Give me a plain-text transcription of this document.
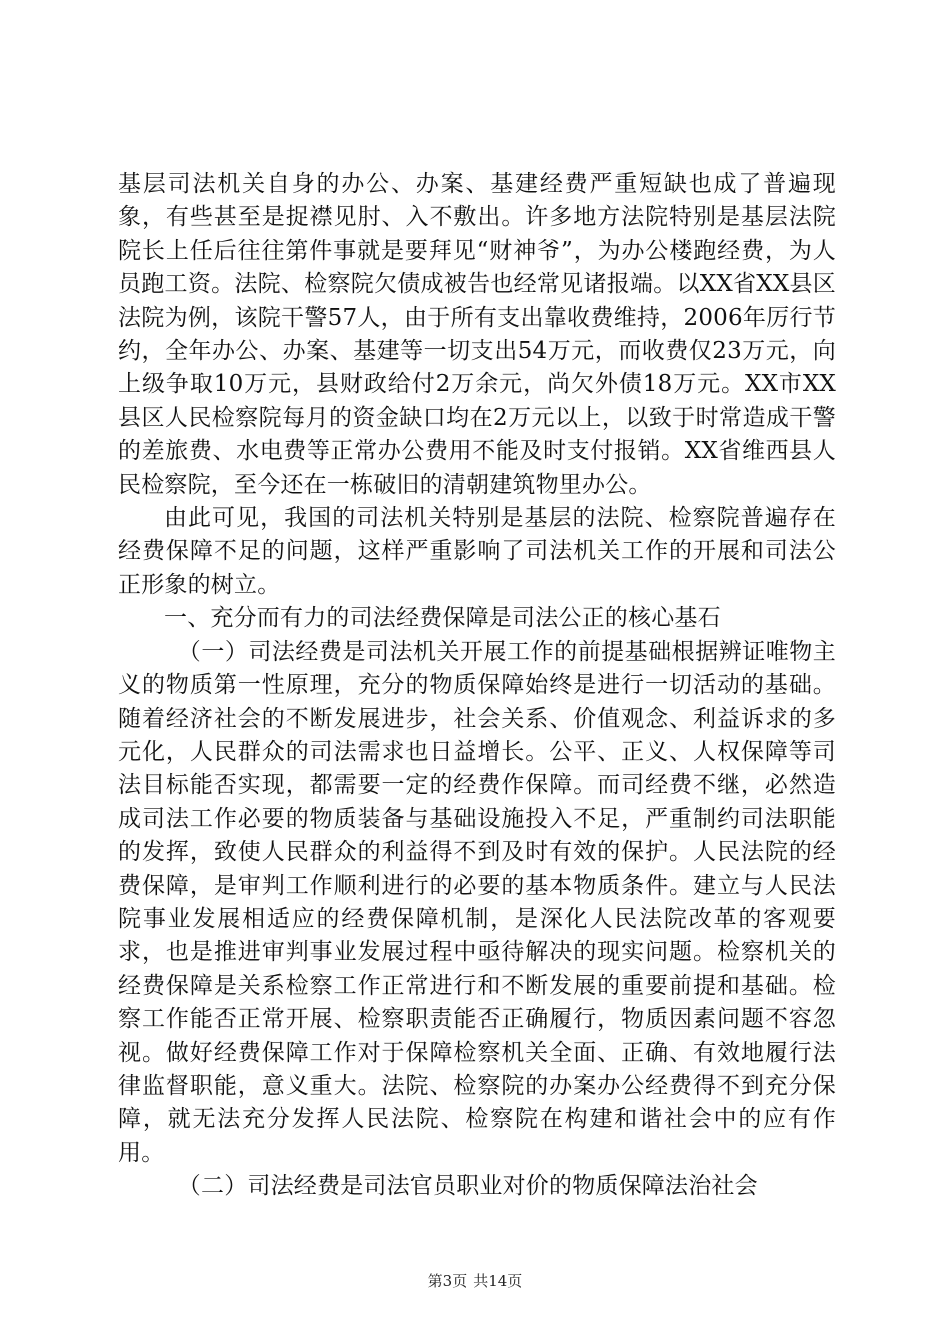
基层司法机关自身的办公、办案、基建经费严重短缺也成了普遍现象，有些甚至是捉襟见肘、入不敷出。许多地方法院特别是基层法院院长上任后往往第件事就是要拜见“财神爷”，为办公楼跑经费，为人员跑工资。法院、检察院欠债成被告也经常见诸报端。以XX省XX县区法院为例，该院干警57人，由于所有支出靠收费维持，2006年厉行节约，全年办公、办案、基建等一切支出54万元，而收费仅23万元，向上级争取10万元，县财政给付2万余元，尚欠外债18万元。XX市XX县区人民检察院每月的资金缺口均在2万元以上，以致于时常造成干警的差旅费、水电费等正常办公费用不能及时支付报销。XX省维西县人民检察院，至今还在一栋破旧的清朝建筑物里办公。

由此可见，我国的司法机关特别是基层的法院、检察院普遍存在经费保障不足的问题，这样严重影响了司法机关工作的开展和司法公正形象的树立。

一、充分而有力的司法经费保障是司法公正的核心基石

（一）司法经费是司法机关开展工作的前提基础根据辨证唯物主义的物质第一性原理，充分的物质保障始终是进行一切活动的基础。随着经济社会的不断发展进步，社会关系、价值观念、利益诉求的多元化，人民群众的司法需求也日益增长。公平、正义、人权保障等司法目标能否实现，都需要一定的经费作保障。而司经费不继，必然造成司法工作必要的物质装备与基础设施投入不足，严重制约司法职能的发挥，致使人民群众的利益得不到及时有效的保护。人民法院的经费保障，是审判工作顺利进行的必要的基本物质条件。建立与人民法院事业发展相适应的经费保障机制，是深化人民法院改革的客观要求，也是推进审判事业发展过程中亟待解决的现实问题。检察机关的经费保障是关系检察工作正常进行和不断发展的重要前提和基础。检察工作能否正常开展、检察职责能否正确履行，物质因素问题不容忽视。做好经费保障工作对于保障检察机关全面、正确、有效地履行法律监督职能，意义重大。法院、检察院的办案办公经费得不到充分保障，就无法充分发挥人民法院、检察院在构建和谐社会中的应有作用。

（二）司法经费是司法官员职业对价的物质保障法治社会

第3页 共14页
